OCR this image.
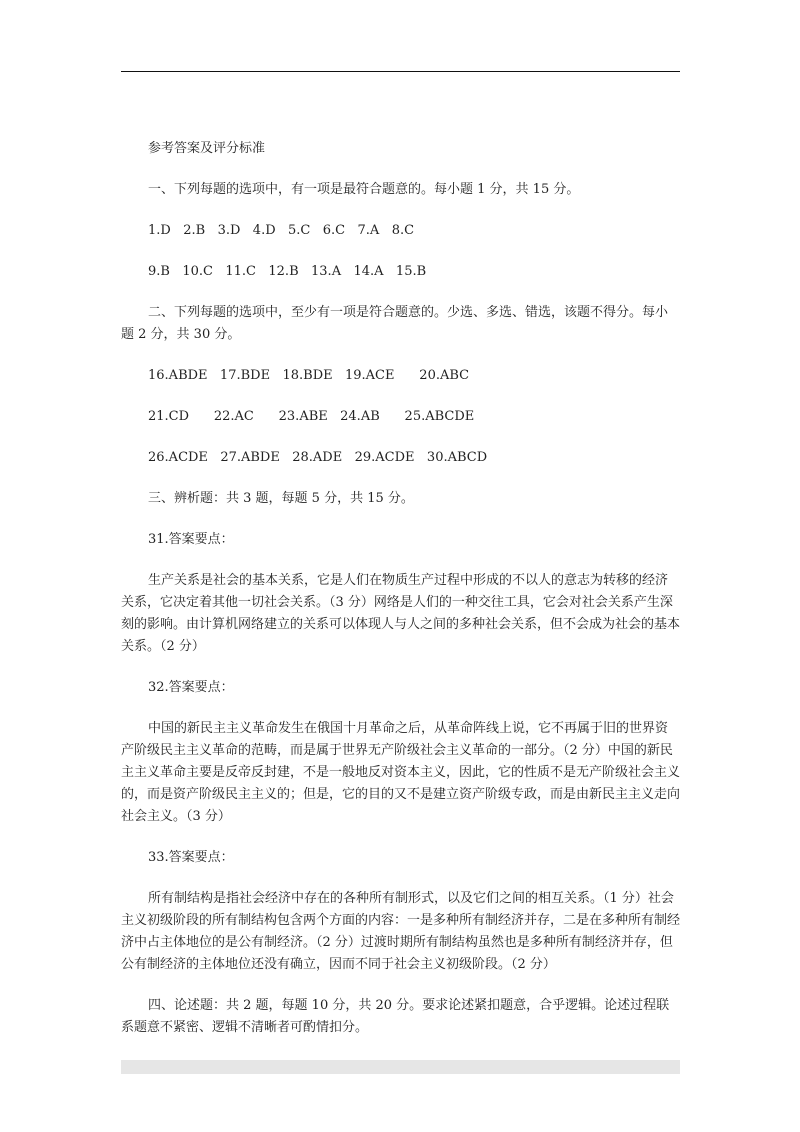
参考答案及评分标准

一、下列每题的选项中，有一项是最符合题意的。每小题 1 分，共 15 分。

1.D   2.B   3.D   4.D   5.C   6.C   7.A   8.C

9.B   10.C   11.C   12.B   13.A   14.A   15.B

二、下列每题的选项中，至少有一项是符合题意的。少选、多选、错选，该题不得分。每小题 2 分，共 30 分。

16.ABDE   17.BDE   18.BDE   19.ACE      20.ABC

21.CD      22.AC      23.ABE   24.AB      25.ABCDE

26.ACDE   27.ABDE   28.ADE   29.ACDE   30.ABCD

三、辨析题：共 3 题，每题 5 分，共 15 分。

31.答案要点：

生产关系是社会的基本关系，它是人们在物质生产过程中形成的不以人的意志为转移的经济关系，它决定着其他一切社会关系。（3 分）网络是人们的一种交往工具，它会对社会关系产生深刻的影响。由计算机网络建立的关系可以体现人与人之间的多种社会关系，但不会成为社会的基本关系。（2 分）

32.答案要点：

中国的新民主主义革命发生在俄国十月革命之后，从革命阵线上说，它不再属于旧的世界资产阶级民主主义革命的范畴，而是属于世界无产阶级社会主义革命的一部分。（2 分）中国的新民主主义革命主要是反帝反封建，不是一般地反对资本主义，因此，它的性质不是无产阶级社会主义的，而是资产阶级民主主义的；但是，它的目的又不是建立资产阶级专政，而是由新民主主义走向社会主义。（3 分）

33.答案要点：

所有制结构是指社会经济中存在的各种所有制形式，以及它们之间的相互关系。（1 分）社会主义初级阶段的所有制结构包含两个方面的内容：一是多种所有制经济并存，二是在多种所有制经济中占主体地位的是公有制经济。（2 分）过渡时期所有制结构虽然也是多种所有制经济并存，但公有制经济的主体地位还没有确立，因而不同于社会主义初级阶段。（2 分）

四、论述题：共 2 题，每题 10 分，共 20 分。要求论述紧扣题意，合乎逻辑。论述过程联系题意不紧密、逻辑不清晰者可酌情扣分。
